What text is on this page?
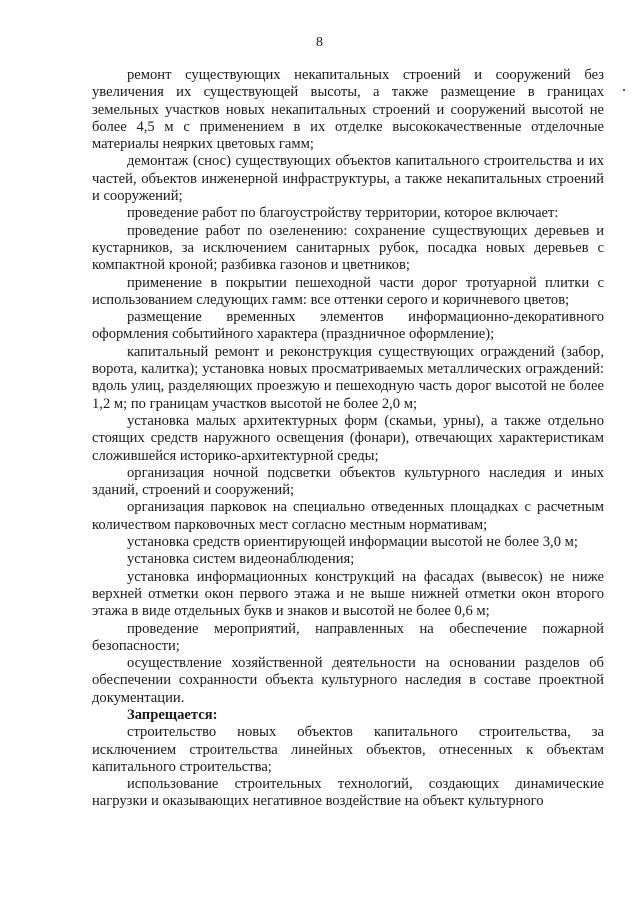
8

ремонт существующих некапитальных строений и сооружений без увеличения их существующей высоты, а также размещение в границах земельных участков новых некапитальных строений и сооружений высотой не более 4,5 м с применением в их отделке высококачественные отделочные материалы неярких цветовых гамм;

демонтаж (снос) существующих объектов капитального строительства и их частей, объектов инженерной инфраструктуры, а также некапитальных строений и сооружений;

проведение работ по благоустройству территории, которое включает:

проведение работ по озеленению: сохранение существующих деревьев и кустарников, за исключением санитарных рубок, посадка новых деревьев с компактной кроной; разбивка газонов и цветников;

применение в покрытии пешеходной части дорог тротуарной плитки с использованием следующих гамм: все оттенки серого и коричневого цветов;

размещение временных элементов информационно-декоративного оформления событийного характера (праздничное оформление);

капитальный ремонт и реконструкция существующих ограждений (забор, ворота, калитка); установка новых просматриваемых металлических ограждений: вдоль улиц, разделяющих проезжую и пешеходную часть дорог высотой не более 1,2 м; по границам участков высотой не более 2,0 м;

установка малых архитектурных форм (скамьи, урны), а также отдельно стоящих средств наружного освещения (фонари), отвечающих характеристикам сложившейся историко-архитектурной среды;

организация ночной подсветки объектов культурного наследия и иных зданий, строений и сооружений;

организация парковок на специально отведенных площадках с расчетным количеством парковочных мест согласно местным нормативам;

установка средств ориентирующей информации высотой не более 3,0 м;

установка систем видеонаблюдения;

установка информационных конструкций на фасадах (вывесок) не ниже верхней отметки окон первого этажа и не выше нижней отметки окон второго этажа в виде отдельных букв и знаков и высотой не более 0,6 м;

проведение мероприятий, направленных на обеспечение пожарной безопасности;

осуществление хозяйственной деятельности на основании разделов об обеспечении сохранности объекта культурного наследия в составе проектной документации.

Запрещается:

строительство новых объектов капитального строительства, за исключением строительства линейных объектов, отнесенных к объектам капитального строительства;

использование строительных технологий, создающих динамические нагрузки и оказывающих негативное воздействие на объект культурного
